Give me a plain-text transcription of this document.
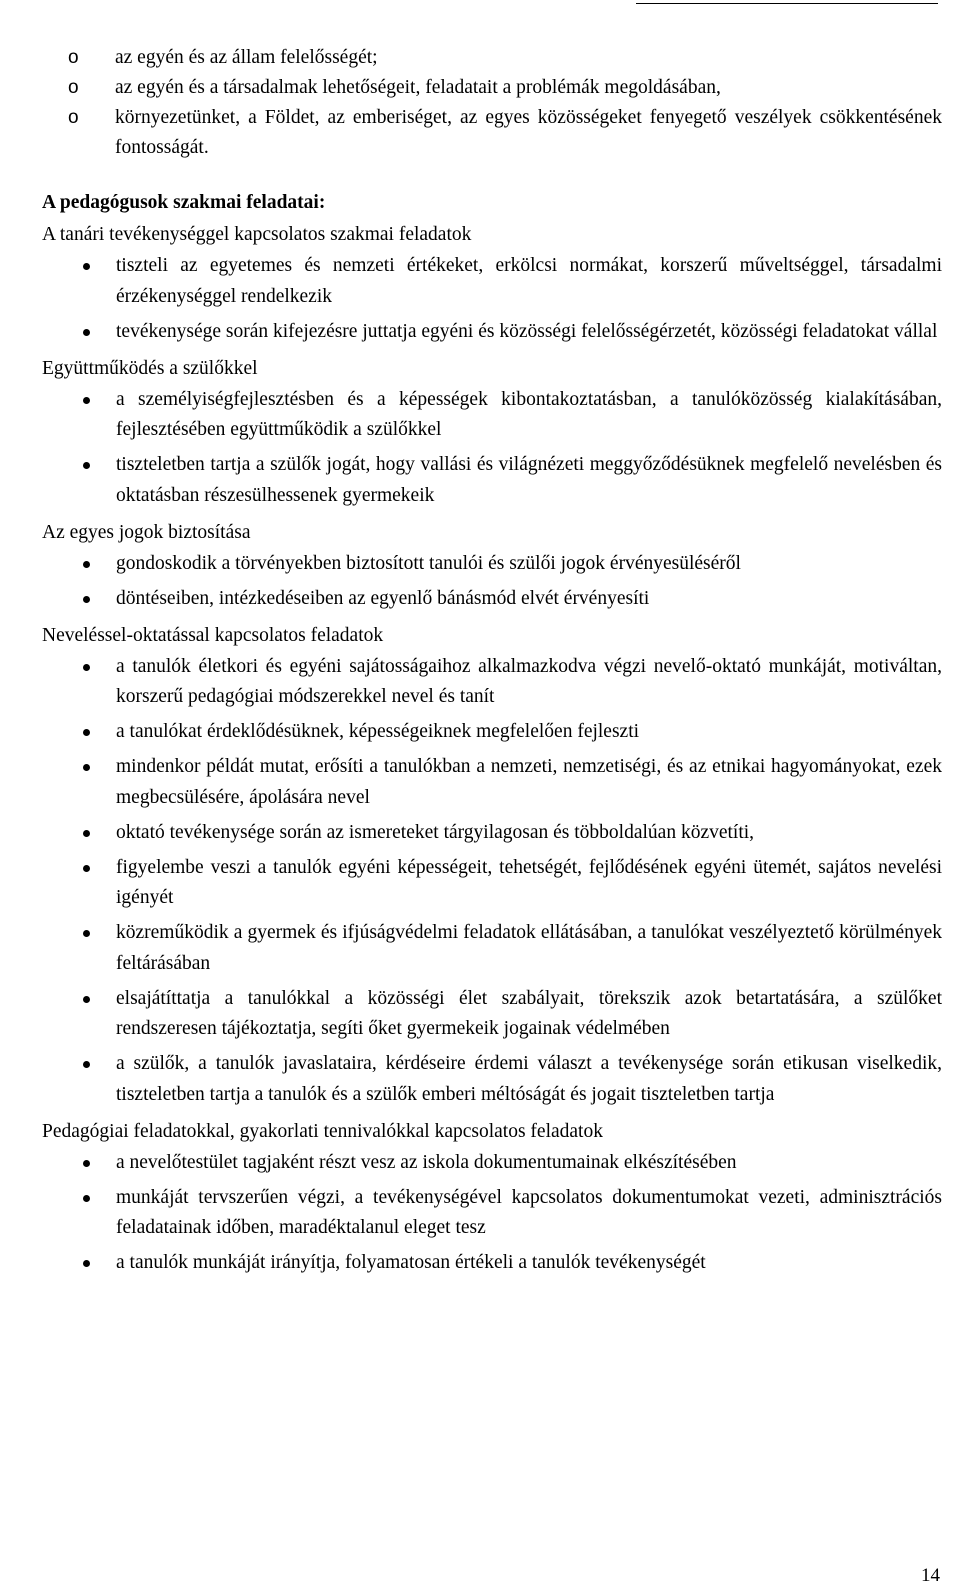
o az egyén és az állam felelősségét;
o az egyén és a társadalmak lehetőségeit, feladatait a problémák megoldásában,
o környezetünket, a Földet, az emberiséget, az egyes közösségeket fenyegető veszélyek csökkentésének fontosságát.
A pedagógusok szakmai feladatai:
A tanári tevékenységgel kapcsolatos szakmai feladatok
tiszteli az egyetemes és nemzeti értékeket, erkölcsi normákat, korszerű műveltséggel, társadalmi érzékenységgel rendelkezik
tevékenysége során kifejezésre juttatja egyéni és közösségi felelősségérzetét, közösségi feladatokat vállal
Együttműködés a szülőkkel
a személyiségfejlesztésben és a képességek kibontakoztatásban, a tanulóközösség kialakításában, fejlesztésében együttműködik a szülőkkel
tiszteletben tartja a szülők jogát, hogy vallási és világnézeti meggyőződésüknek megfelelő nevelésben és oktatásban részesülhessenek gyermekeik
Az egyes jogok biztosítása
gondoskodik a törvényekben biztosított tanulói és szülői jogok érvényesüléséről
döntéseiben, intézkedéseiben az egyenlő bánásmód elvét érvényesíti
Neveléssel-oktatással kapcsolatos feladatok
a tanulók életkori és egyéni sajátosságaihoz alkalmazkodva végzi nevelő-oktató munkáját, motiváltan, korszerű pedagógiai módszerekkel nevel és tanít
a tanulókat érdeklődésüknek, képességeiknek megfelelően fejleszti
mindenkor példát mutat, erősíti a tanulókban a nemzeti, nemzetiségi, és az etnikai hagyományokat, ezek megbecsülésére, ápolására nevel
oktató tevékenysége során az ismereteket tárgyilagosan és többoldalúan közvetíti,
figyelembe veszi a tanulók egyéni képességeit, tehetségét, fejlődésének egyéni ütemét, sajátos nevelési igényét
közreműködik a gyermek és ifjúságvédelmi feladatok ellátásában, a tanulókat veszélyeztető körülmények feltárásában
elsajátíttatja a tanulókkal a közösségi élet szabályait, törekszik azok betartatására, a szülőket rendszeresen tájékoztatja, segíti őket gyermekeik jogainak védelmében
a szülők, a tanulók javaslataira, kérdéseire érdemi választ a tevékenysége során etikusan viselkedik, tiszteletben tartja a tanulók és a szülők emberi méltóságát és jogait tiszteletben tartja
Pedagógiai feladatokkal, gyakorlati tennivalókkal kapcsolatos feladatok
a nevelőtestület tagjaként részt vesz az iskola dokumentumainak elkészítésében
munkáját tervszerűen végzi, a tevékenységével kapcsolatos dokumentumokat vezeti, adminisztrációs feladatainak időben, maradéktalanul eleget tesz
a tanulók munkáját irányítja, folyamatosan értékeli a tanulók tevékenységét
14
